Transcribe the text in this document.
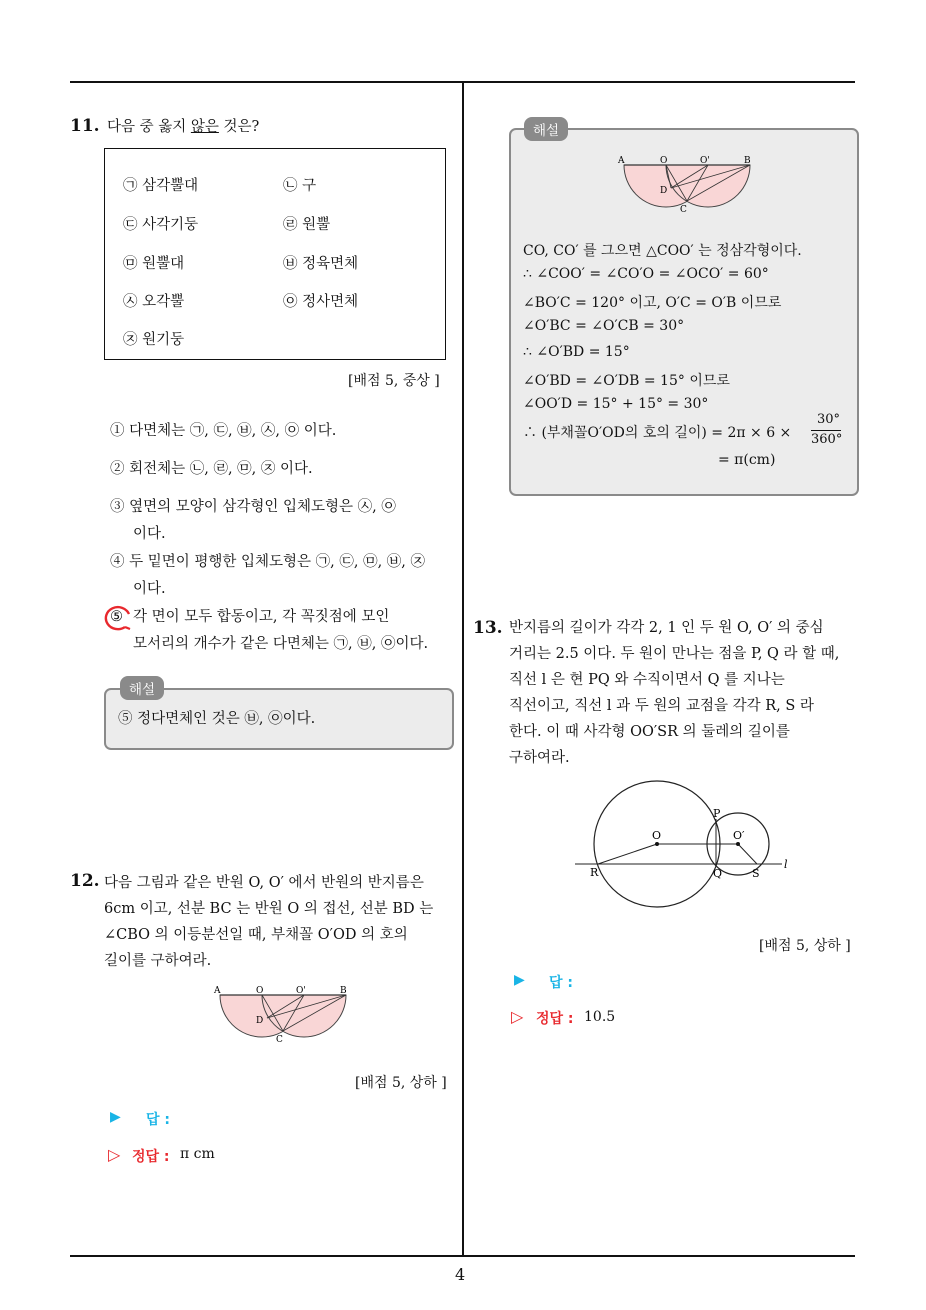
4
11. 다음 중 옳지 않은 것은?
㉠ 삼각뿔대	㉡ 구
㉢ 사각기둥	㉣ 원뿔
㉤ 원뿔대	㉥ 정육면체
㉦ 오각뿔	㉧ 정사면체
㉨ 원기둥
[배점 5, 중상 ]
① 다면체는 ㉠, ㉢, ㉥, ㉦, ㉧ 이다.
② 회전체는 ㉡, ㉣, ㉤, ㉨ 이다.
③ 옆면의 모양이 삼각형인 입체도형은 ㉦, ㉧
이다.
④ 두 밑면이 평행한 입체도형은 ㉠, ㉢, ㉤, ㉥, ㉨
이다.
⑤ 각 면이 모두 합동이고, 각 꼭짓점에 모인
모서리의 개수가 같은 다면체는 ㉠, ㉥, ㉧이다.
⑤ 정다면체인 것은 ㉥, ㉧이다.
해설
12. 다음 그림과 같은 반원 O, O′ 에서 반원의 반지름은
6cm 이고, 선분 BC 는 반원 O 의 접선, 선분 BD 는
∠CBO 의 이등분선일 때, 부채꼴 O′OD 의 호의
길이를 구하여라.
A	O	O'	B
D
C
[배점 5, 상하 ]
▶ 답 :
▷ 정답 : π cm
A	O	O'	B
D
C
CO, CO′ 를 그으면 △COO′ 는 정삼각형이다.
∴ ∠COO′ = ∠CO′O = ∠OCO′ = 60°
∠BO′C = 120° 이고, O′C = O′B 이므로
∠O′BC = ∠O′CB = 30°
∴ ∠O′BD = 15°
∠O′BD = ∠O′DB = 15° 이므로
∠OO′D = 15° + 15° = 30°
∴ (부채꼴O′OD의 호의 길이) = 2π × 6 ×
30°
360°
= π(cm)
해설
13. 반지름의 길이가 각각 2, 1 인 두 원 O, O′ 의 중심
거리는 2.5 이다. 두 원이 만나는 점을 P, Q 라 할 때,
직선 l 은 현 PQ 와 수직이면서 Q 를 지나는
직선이고, 직선 l 과 두 원의 교점을 각각 R, S 라
한다. 이 때 사각형 OO′SR 의 둘레의 길이를
구하여라.
P
O	O′
l
R	Q	S
[배점 5, 상하 ]
▶ 답 :
▷ 정답 : 10.5
